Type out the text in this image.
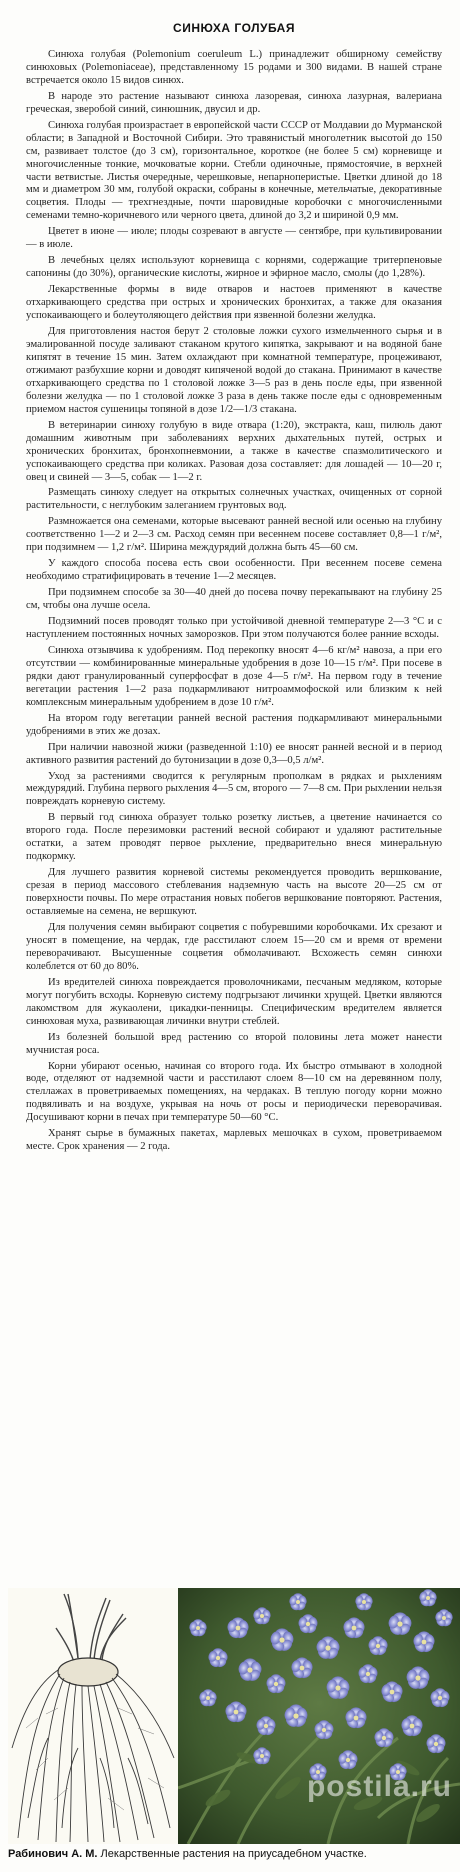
СИНЮХА ГОЛУБАЯ

Синюха голубая (Polemonium coeruleum L.) принадлежит обширному семейству синюховых (Polemoniaceae), представленному 15 родами и 300 видами. В нашей стране встречается около 15 видов синюх.

В народе это растение называют синюха лазоревая, синюха лазурная, валериана греческая, зверобой синий, синюшник, двусил и др.

Синюха голубая произрастает в европейской части СССР от Молдавии до Мурманской области; в Западной и Восточной Сибири. Это травянистый многолетник высотой до 150 см, развивает толстое (до 3 см), горизонтальное, короткое (не более 5 см) корневище и многочисленные тонкие, мочковатые корни. Стебли одиночные, прямостоячие, в верхней части ветвистые. Листья очередные, черешковые, непарноперистые. Цветки длиной до 18 мм и диаметром 30 мм, голубой окраски, собраны в конечные, метельчатые, декоративные соцветия. Плоды — трехгнездные, почти шаровидные коробочки с многочисленными семенами темно-коричневого или черного цвета, длиной до 3,2 и шириной 0,9 мм.

Цветет в июне — июле; плоды созревают в августе — сентябре, при культивировании — в июле.

В лечебных целях используют корневища с корнями, содержащие тритерпеновые сапонины (до 30%), органические кислоты, жирное и эфирное масло, смолы (до 1,28%).

Лекарственные формы в виде отваров и настоев применяют в качестве отхаркивающего средства при острых и хронических бронхитах, а также для оказания успокаивающего и болеутоляющего действия при язвенной болезни желудка.

Для приготовления настоя берут 2 столовые ложки сухого измельченного сырья и в эмалированной посуде заливают стаканом крутого кипятка, закрывают и на водяной бане кипятят в течение 15 мин. Затем охлаждают при комнатной температуре, процеживают, отжимают разбухшие корни и доводят кипяченой водой до стакана. Принимают в качестве отхаркивающего средства по 1 столовой ложке 3—5 раз в день после еды, при язвенной болезни желудка — по 1 столовой ложке 3 раза в день также после еды с одновременным приемом настоя сушеницы топяной в дозе 1/2—1/3 стакана.

В ветеринарии синюху голубую в виде отвара (1:20), экстракта, каш, пилюль дают домашним животным при заболеваниях верхних дыхательных путей, острых и хронических бронхитах, бронхопневмонии, а также в качестве спазмолитического и успокаивающего средства при коликах. Разовая доза составляет: для лошадей — 10—20 г, овец и свиней — 3—5, собак — 1—2 г.

Размещать синюху следует на открытых солнечных участках, очищенных от сорной растительности, с неглубоким залеганием грунтовых вод.

Размножается она семенами, которые высевают ранней весной или осенью на глубину соответственно 1—2 и 2—3 см. Расход семян при весеннем посеве составляет 0,8—1 г/м², при подзимнем — 1,2 г/м². Ширина междурядий должна быть 45—60 см.

У каждого способа посева есть свои особенности. При весеннем посеве семена необходимо стратифицировать в течение 1—2 месяцев.

При подзимнем способе за 30—40 дней до посева почву перекапывают на глубину 25 см, чтобы она лучше осела.

Подзимний посев проводят только при устойчивой дневной температуре 2—3 °С и с наступлением постоянных ночных заморозков. При этом получаются более ранние всходы.

Синюха отзывчива к удобрениям. Под перекопку вносят 4—6 кг/м² навоза, а при его отсутствии — комбинированные минеральные удобрения в дозе 10—15 г/м². При посеве в рядки дают гранулированный суперфосфат в дозе 4—5 г/м². На первом году в течение вегетации растения 1—2 раза подкармливают нитроаммофоской или близким к ней комплексным минеральным удобрением в дозе 10 г/м².

На втором году вегетации ранней весной растения подкармливают минеральными удобрениями в этих же дозах.

При наличии навозной жижи (разведенной 1:10) ее вносят ранней весной и в период активного развития растений до бутонизации в дозе 0,3—0,5 л/м².

Уход за растениями сводится к регулярным прополкам в рядках и рыхлениям междурядий. Глубина первого рыхления 4—5 см, второго — 7—8 см. При рыхлении нельзя повреждать корневую систему.

В первый год синюха образует только розетку листьев, а цветение начинается со второго года. После перезимовки растений весной собирают и удаляют растительные остатки, а затем проводят первое рыхление, предварительно внеся минеральную подкормку.

Для лучшего развития корневой системы рекомендуется проводить вершкование, срезая в период массового стеблевания надземную часть на высоте 20—25 см от поверхности почвы. По мере отрастания новых побегов вершкование повторяют. Растения, оставляемые на семена, не вершкуют.

Для получения семян выбирают соцветия с побуревшими коробочками. Их срезают и уносят в помещение, на чердак, где расстилают слоем 15—20 см и время от времени переворачивают. Высушенные соцветия обмолачивают. Всхожесть семян синюхи колеблется от 60 до 80%.

Из вредителей синюха повреждается проволочниками, песчаным медляком, которые могут погубить всходы. Корневую систему подгрызают личинки хрущей. Цветки являются лакомством для жукаолени, цикадки-пенницы. Специфическим вредителем является синюховая муха, развивающая личинки внутри стеблей.

Из болезней большой вред растению со второй половины лета может нанести мучнистая роса.

Корни убирают осенью, начиная со второго года. Их быстро отмывают в холодной воде, отделяют от надземной части и расстилают слоем 8—10 см на деревянном полу, стеллажах в проветриваемых помещениях, на чердаках. В теплую погоду корни можно подвяливать и на воздухе, укрывая на ночь от росы и периодически переворачивая. Досушивают корни в печах при температуре 50—60 °С.

Хранят сырье в бумажных пакетах, марлевых мешочках в сухом, проветриваемом месте. Срок хранения — 2 года.

postila.ru
Рабинович А. М. Лекарственные растения на приусадебном участке.
